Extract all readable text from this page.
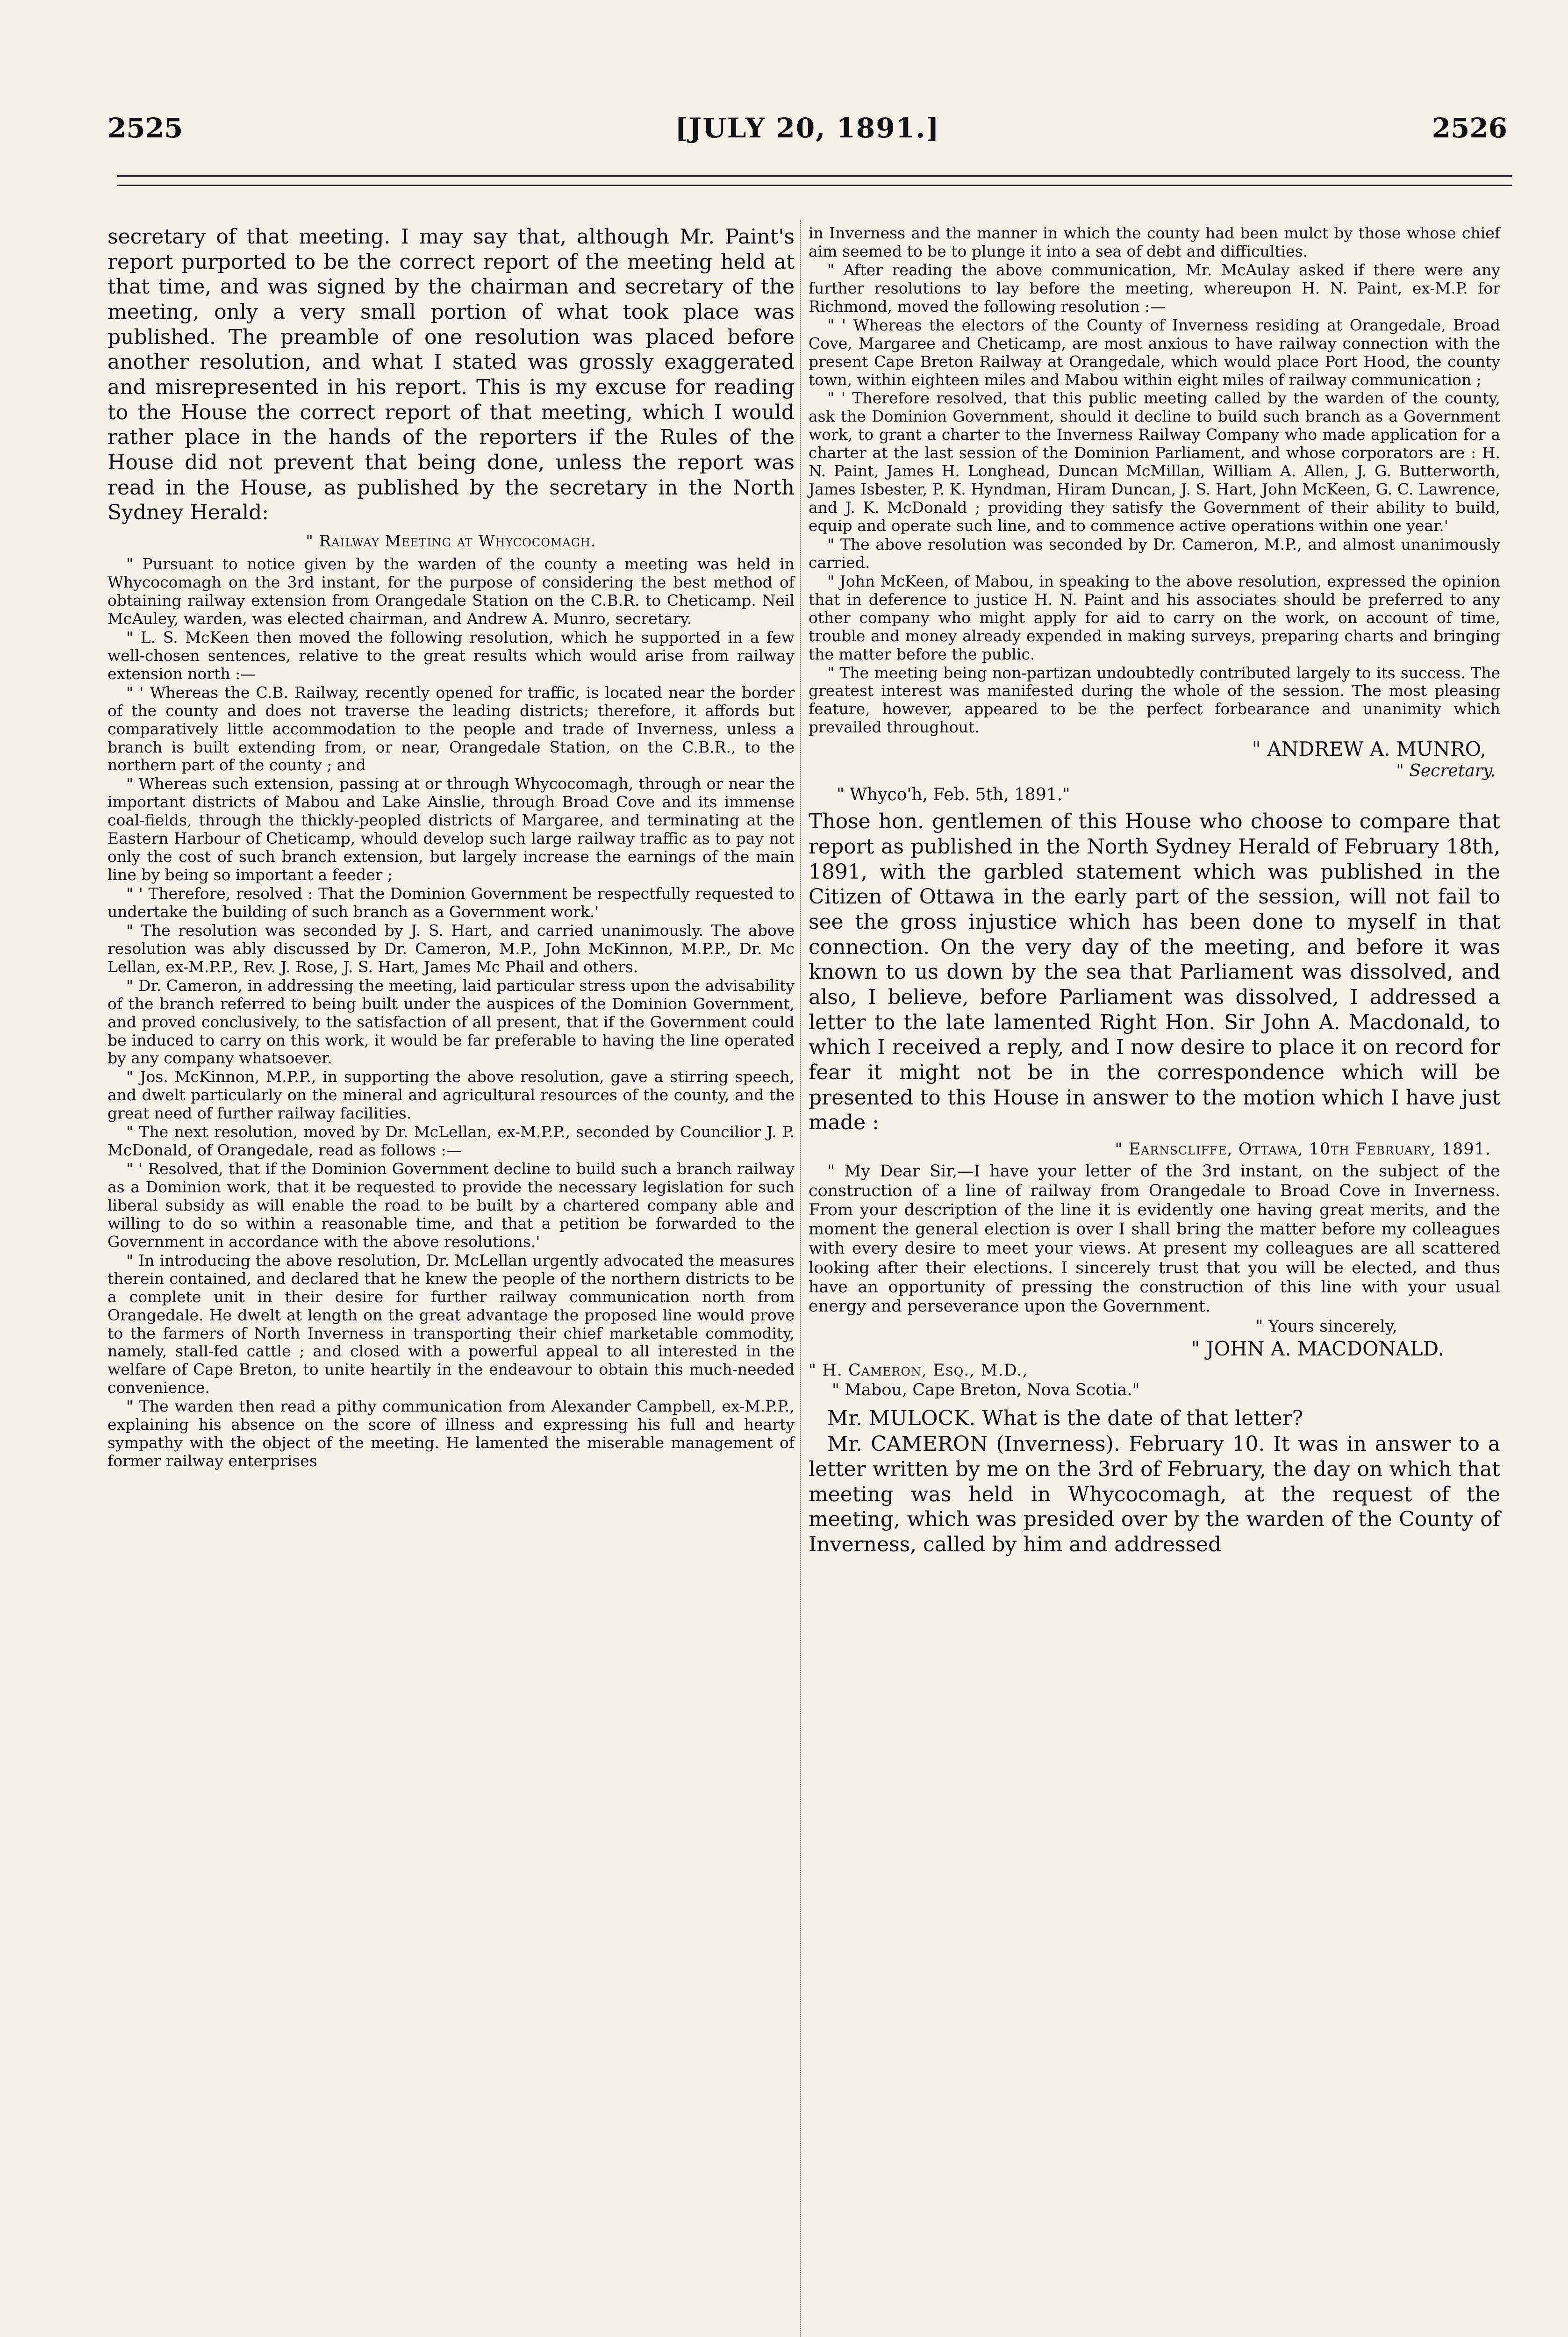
2525	[JULY 20, 1891.]	2526

secretary of that meeting. I may say that, although Mr. Paint's report purported to be the correct report of the meeting held at that time, and was signed by the chairman and secretary of the meeting, only a very small portion of what took place was published. The preamble of one resolution was placed before another resolution, and what I stated was grossly exaggerated and misrepresented in his report. This is my excuse for reading to the House the correct report of that meeting, which I would rather place in the hands of the reporters if the Rules of the House did not prevent that being done, unless the report was read in the House, as published by the secretary in the North Sydney Herald:

" Railway Meeting at Whycocomagh.

" Pursuant to notice given by the warden of the county a meeting was held in Whycocomagh on the 3rd instant, for the purpose of considering the best method of obtaining railway extension from Orangedale Station on the C.B.R. to Cheticamp. Neil McAuley, warden, was elected chairman, and Andrew A. Munro, secretary.

" L. S. McKeen then moved the following resolution, which he supported in a few well-chosen sentences, relative to the great results which would arise from railway extension north :—

" ' Whereas the C.B. Railway, recently opened for traffic, is located near the border of the county and does not traverse the leading districts; therefore, it affords but comparatively little accommodation to the people and trade of Inverness, unless a branch is built extending from, or near, Orangedale Station, on the C.B.R., to the northern part of the county ; and

" Whereas such extension, passing at or through Whycocomagh, through or near the important districts of Mabou and Lake Ainslie, through Broad Cove and its immense coal-fields, through the thickly-peopled districts of Margaree, and terminating at the Eastern Harbour of Cheticamp, whould develop such large railway traffic as to pay not only the cost of such branch extension, but largely increase the earnings of the main line by being so important a feeder ;

" ' Therefore, resolved : That the Dominion Government be respectfully requested to undertake the building of such branch as a Government work.'

" The resolution was seconded by J. S. Hart, and carried unanimously. The above resolution was ably discussed by Dr. Cameron, M.P., John McKinnon, M.P.P., Dr. Mc Lellan, ex-M.P.P., Rev. J. Rose, J. S. Hart, James Mc Phail and others.

" Dr. Cameron, in addressing the meeting, laid particular stress upon the advisability of the branch referred to being built under the auspices of the Dominion Government, and proved conclusively, to the satisfaction of all present, that if the Government could be induced to carry on this work, it would be far preferable to having the line operated by any company whatsoever.

" Jos. McKinnon, M.P.P., in supporting the above resolution, gave a stirring speech, and dwelt particularly on the mineral and agricultural resources of the county, and the great need of further railway facilities.

" The next resolution, moved by Dr. McLellan, ex-M.P.P., seconded by Councilior J. P. McDonald, of Orangedale, read as follows :—

" ' Resolved, that if the Dominion Government decline to build such a branch railway as a Dominion work, that it be requested to provide the necessary legislation for such liberal subsidy as will enable the road to be built by a chartered company able and willing to do so within a reasonable time, and that a petition be forwarded to the Government in accordance with the above resolutions.'

" In introducing the above resolution, Dr. McLellan urgently advocated the measures therein contained, and declared that he knew the people of the northern districts to be a complete unit in their desire for further railway communication north from Orangedale. He dwelt at length on the great advantage the proposed line would prove to the farmers of North Inverness in transporting their chief marketable commodity, namely, stall-fed cattle ; and closed with a powerful appeal to all interested in the welfare of Cape Breton, to unite heartily in the endeavour to obtain this much-needed convenience.

" The warden then read a pithy communication from Alexander Campbell, ex-M.P.P., explaining his absence on the score of illness and expressing his full and hearty sympathy with the object of the meeting. He lamented the miserable management of former railway enterprises

in Inverness and the manner in which the county had been mulct by those whose chief aim seemed to be to plunge it into a sea of debt and difficulties.

" After reading the above communication, Mr. McAulay asked if there were any further resolutions to lay before the meeting, whereupon H. N. Paint, ex-M.P. for Richmond, moved the following resolution :—

" ' Whereas the electors of the County of Inverness residing at Orangedale, Broad Cove, Margaree and Cheticamp, are most anxious to have railway connection with the present Cape Breton Railway at Orangedale, which would place Port Hood, the county town, within eighteen miles and Mabou within eight miles of railway communication ;

" ' Therefore resolved, that this public meeting called by the warden of the county, ask the Dominion Government, should it decline to build such branch as a Government work, to grant a charter to the Inverness Railway Company who made application for a charter at the last session of the Dominion Parliament, and whose corporators are : H. N. Paint, James H. Longhead, Duncan McMillan, William A. Allen, J. G. Butterworth, James Isbester, P. K. Hyndman, Hiram Duncan, J. S. Hart, John McKeen, G. C. Lawrence, and J. K. McDonald ; providing they satisfy the Government of their ability to build, equip and operate such line, and to commence active operations within one year.'

" The above resolution was seconded by Dr. Cameron, M.P., and almost unanimously carried.

" John McKeen, of Mabou, in speaking to the above resolution, expressed the opinion that in deference to justice H. N. Paint and his associates should be preferred to any other company who might apply for aid to carry on the work, on account of time, trouble and money already expended in making surveys, preparing charts and bringing the matter before the public.

" The meeting being non-partizan undoubtedly contributed largely to its success. The greatest interest was manifested during the whole of the session. The most pleasing feature, however, appeared to be the perfect forbearance and unanimity which prevailed throughout.

" ANDREW A. MUNRO,

" Secretary.

" Whyco'h, Feb. 5th, 1891."

Those hon. gentlemen of this House who choose to compare that report as published in the North Sydney Herald of February 18th, 1891, with the garbled statement which was published in the Citizen of Ottawa in the early part of the session, will not fail to see the gross injustice which has been done to myself in that connection. On the very day of the meeting, and before it was known to us down by the sea that Parliament was dissolved, and also, I believe, before Parliament was dissolved, I addressed a letter to the late lamented Right Hon. Sir John A. Macdonald, to which I received a reply, and I now desire to place it on record for fear it might not be in the correspondence which will be presented to this House in answer to the motion which I have just made :

" Earnscliffe, Ottawa, 10th February, 1891.

" My Dear Sir,—I have your letter of the 3rd instant, on the subject of the construction of a line of railway from Orangedale to Broad Cove in Inverness. From your description of the line it is evidently one having great merits, and the moment the general election is over I shall bring the matter before my colleagues with every desire to meet your views. At present my colleagues are all scattered looking after their elections. I sincerely trust that you will be elected, and thus have an opportunity of pressing the construction of this line with your usual energy and perseverance upon the Government.

" Yours sincerely,

" JOHN A. MACDONALD.

" H. Cameron, Esq., M.D.,

" Mabou, Cape Breton, Nova Scotia."

Mr. MULOCK. What is the date of that letter?

Mr. CAMERON (Inverness). February 10. It was in answer to a letter written by me on the 3rd of February, the day on which that meeting was held in Whycocomagh, at the request of the meeting, which was presided over by the warden of the County of Inverness, called by him and addressed
